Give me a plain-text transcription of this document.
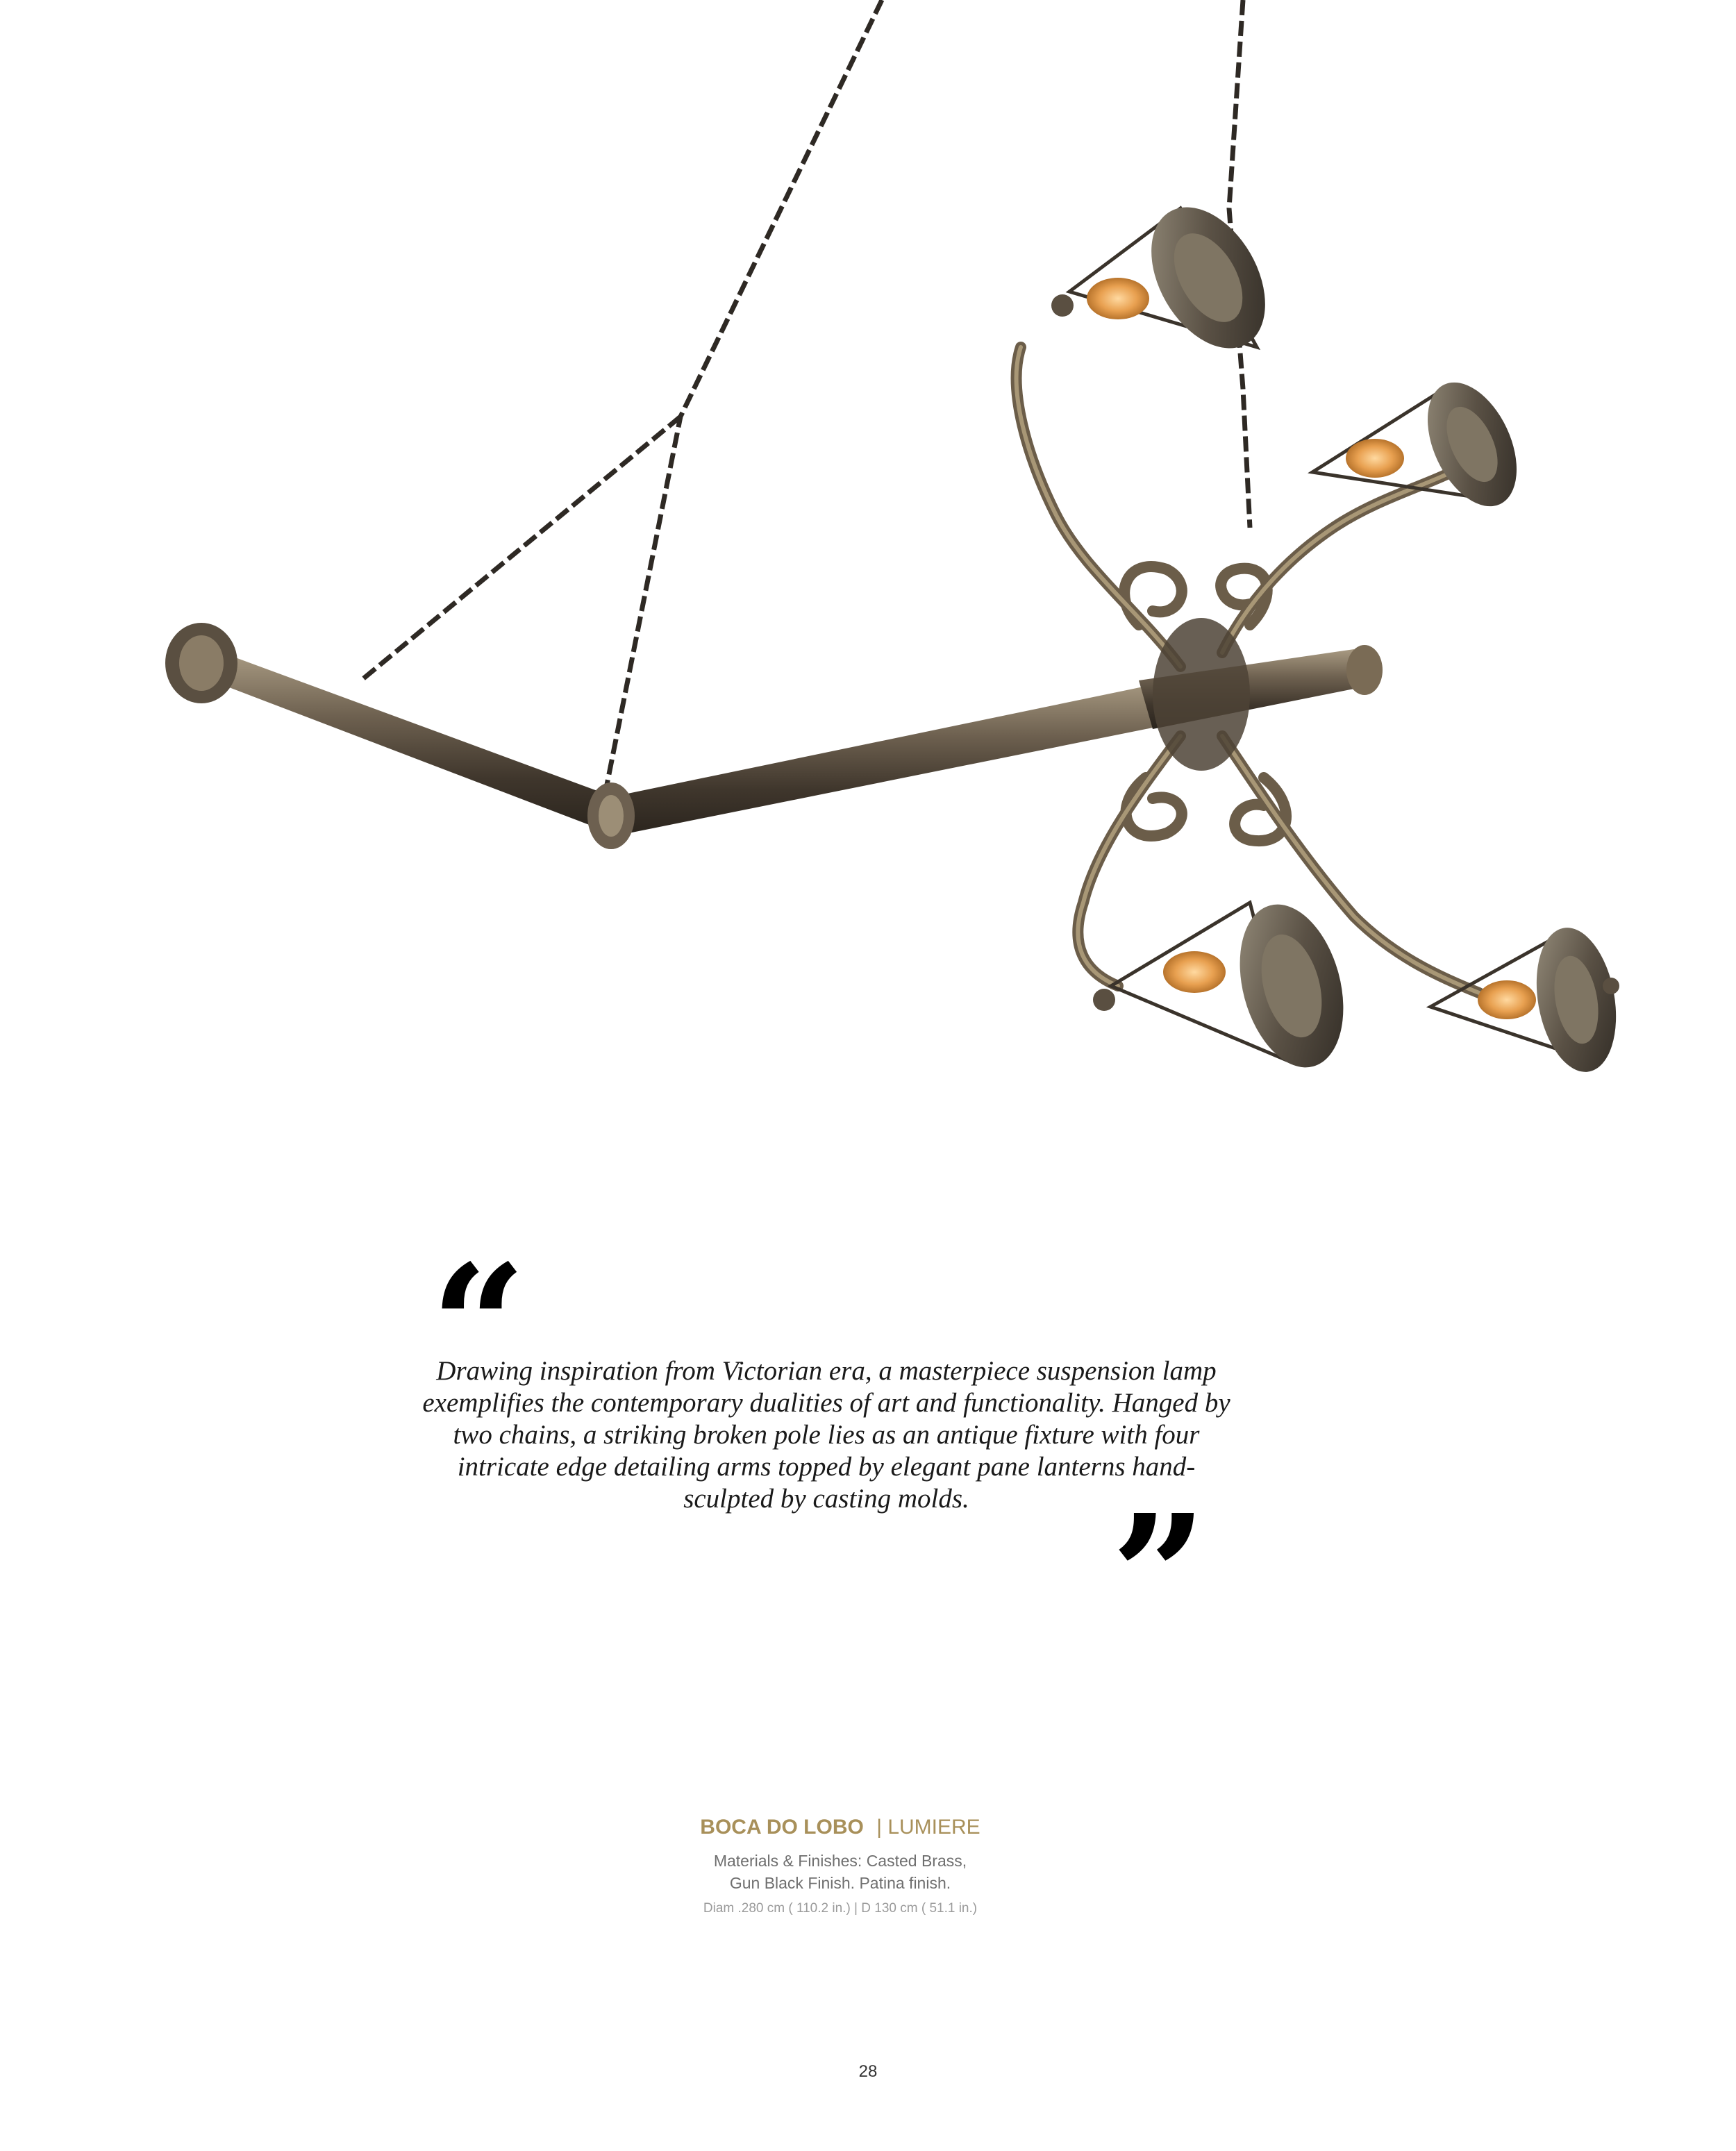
“

Drawing inspiration from Victorian era, a masterpiece suspension lamp exemplifies the contemporary dualities of art and functionality. Hanged by two chains, a striking broken pole lies as an antique fixture with four intricate edge detailing arms topped by elegant pane lanterns hand-sculpted by casting molds. ”

BOCA DO LOBO | LUMIERE

Materials & Finishes: Casted Brass,

Gun Black Finish. Patina finish.

Diam .280 cm ( 110.2 in.) | D 130 cm ( 51.1 in.)

28
